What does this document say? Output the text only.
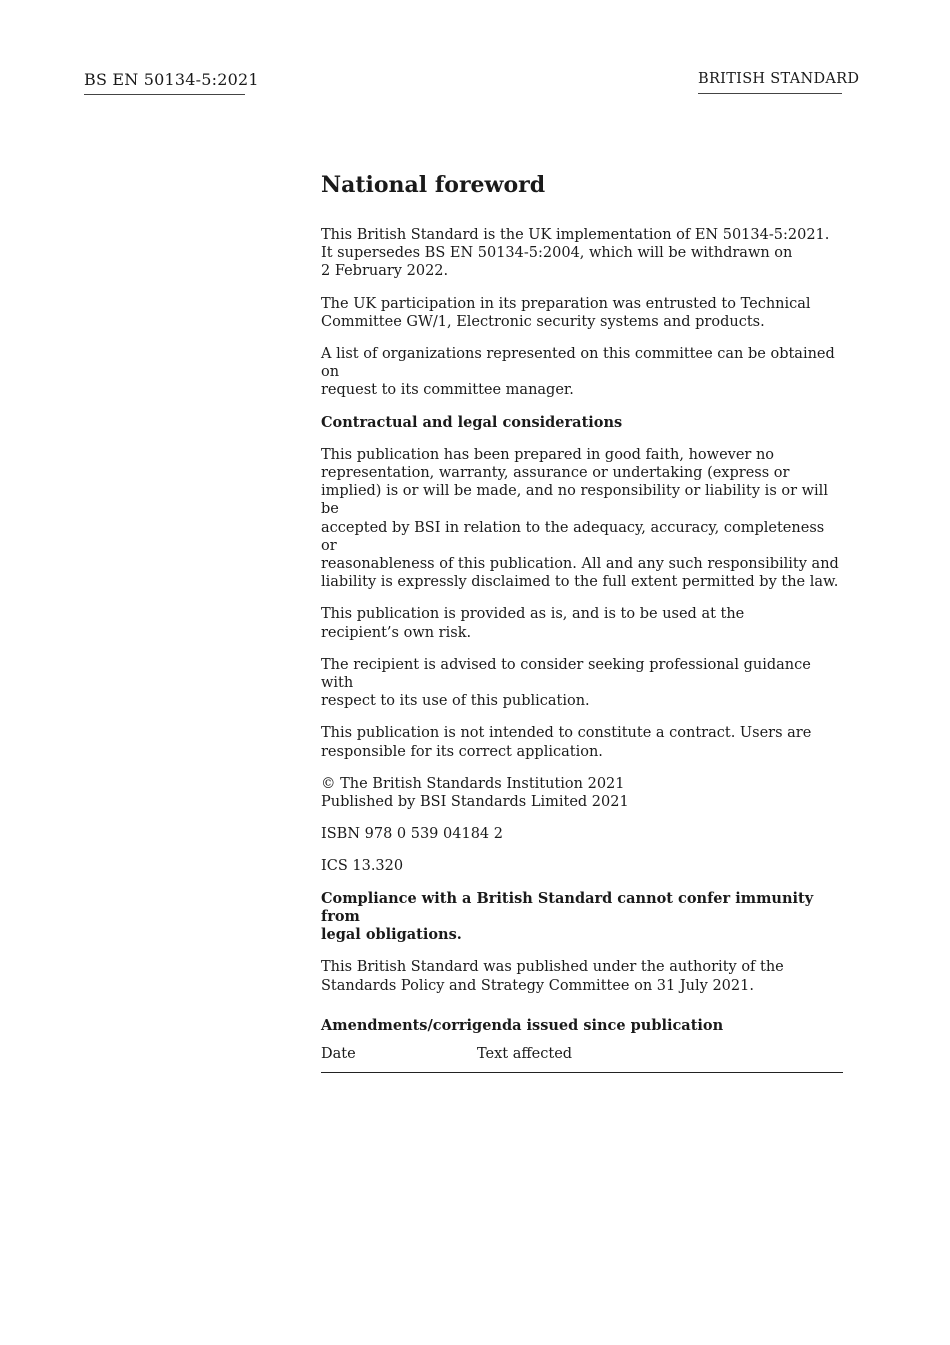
BS EN 50134-5:2021	BRITISH STANDARD
National foreword

This British Standard is the UK implementation of EN 50134-5:2021.
It supersedes BS EN 50134-5:2004, which will be withdrawn on
2 February 2022.

The UK participation in its preparation was entrusted to Technical
Committee GW/1, Electronic security systems and products.

A list of organizations represented on this committee can be obtained on
request to its committee manager.

Contractual and legal considerations

This publication has been prepared in good faith, however no
representation, warranty, assurance or undertaking (express or
implied) is or will be made, and no responsibility or liability is or will be
accepted by BSI in relation to the adequacy, accuracy, completeness or
reasonableness of this publication. All and any such responsibility and
liability is expressly disclaimed to the full extent permitted by the law.

This publication is provided as is, and is to be used at the
recipient’s own risk.

The recipient is advised to consider seeking professional guidance with
respect to its use of this publication.

This publication is not intended to constitute a contract. Users are
responsible for its correct application.

© The British Standards Institution 2021
Published by BSI Standards Limited 2021

ISBN 978 0 539 04184 2

ICS 13.320

Compliance with a British Standard cannot confer immunity from
legal obligations.

This British Standard was published under the authority of the
Standards Policy and Strategy Committee on 31 July 2021.

Amendments/corrigenda issued since publication
Date	Text affected
